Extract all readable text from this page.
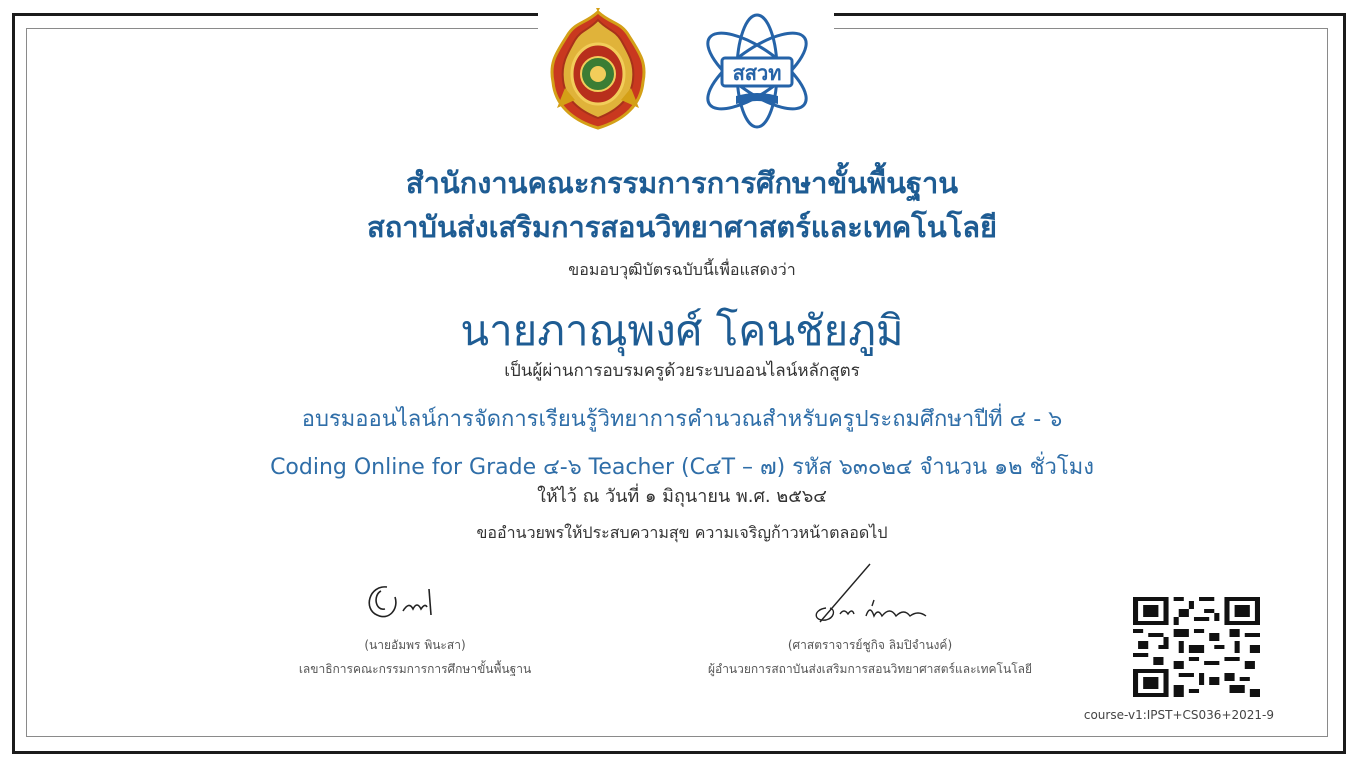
สสวท
สำนักงานคณะกรรมการการศึกษาขั้นพื้นฐาน
สถาบันส่งเสริมการสอนวิทยาศาสตร์และเทคโนโลยี
ขอมอบวุฒิบัตรฉบับนี้เพื่อแสดงว่า
นายภาณุพงศ์ โคนชัยภูมิ
เป็นผู้ผ่านการอบรมครูด้วยระบบออนไลน์หลักสูตร
อบรมออนไลน์การจัดการเรียนรู้วิทยาการคำนวณสำหรับครูประถมศึกษาปีที่ ๔ - ๖
Coding Online for Grade ๔-๖ Teacher (C๔T – ๗) รหัส ๖๓๐๒๔ จำนวน ๑๒ ชั่วโมง
ให้ไว้ ณ วันที่ ๑ มิถุนายน พ.ศ. ๒๕๖๔
ขออำนวยพรให้ประสบความสุข ความเจริญก้าวหน้าตลอดไป
(นายอัมพร พินะสา)
เลขาธิการคณะกรรมการการศึกษาขั้นพื้นฐาน
(ศาสตราจารย์ชูกิจ ลิมปิจำนงค์)
ผู้อำนวยการสถาบันส่งเสริมการสอนวิทยาศาสตร์และเทคโนโลยี
course-v1:IPST+CS036+2021-9
